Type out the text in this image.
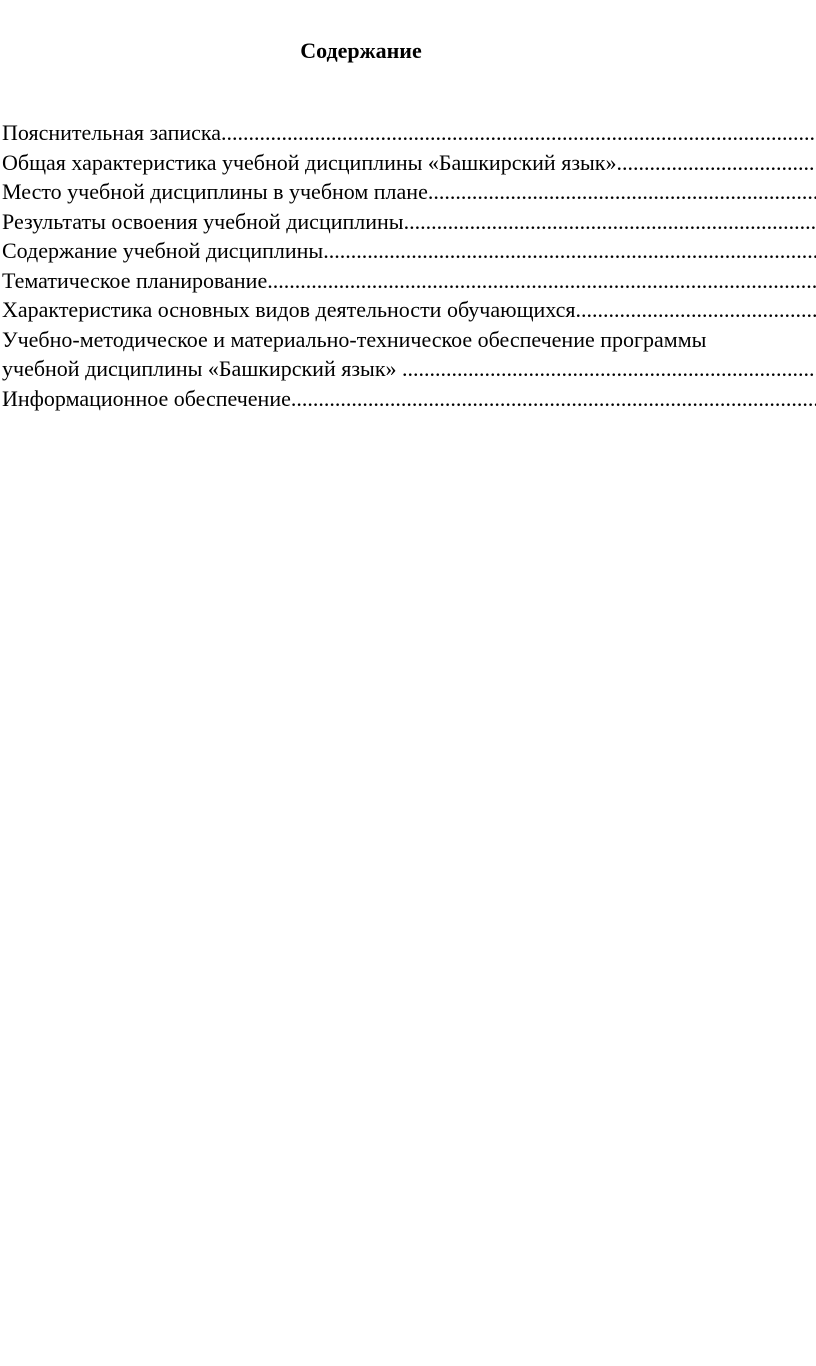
Содержание
Пояснительная записка
.....
Общая характеристика учебной дисциплины «Башкирский язык»
.....
Место учебной дисциплины в учебном плане
.....
Результаты освоения учебной дисциплины
.....
Содержание учебной дисциплины
.....
Тематическое планирование
.....
Характеристика основных видов деятельности обучающихся
.....
Учебно-методическое и материально-техническое обеспечение программы
учебной дисциплины «Башкирский язык»
.....
Информационное обеспечение
.....
